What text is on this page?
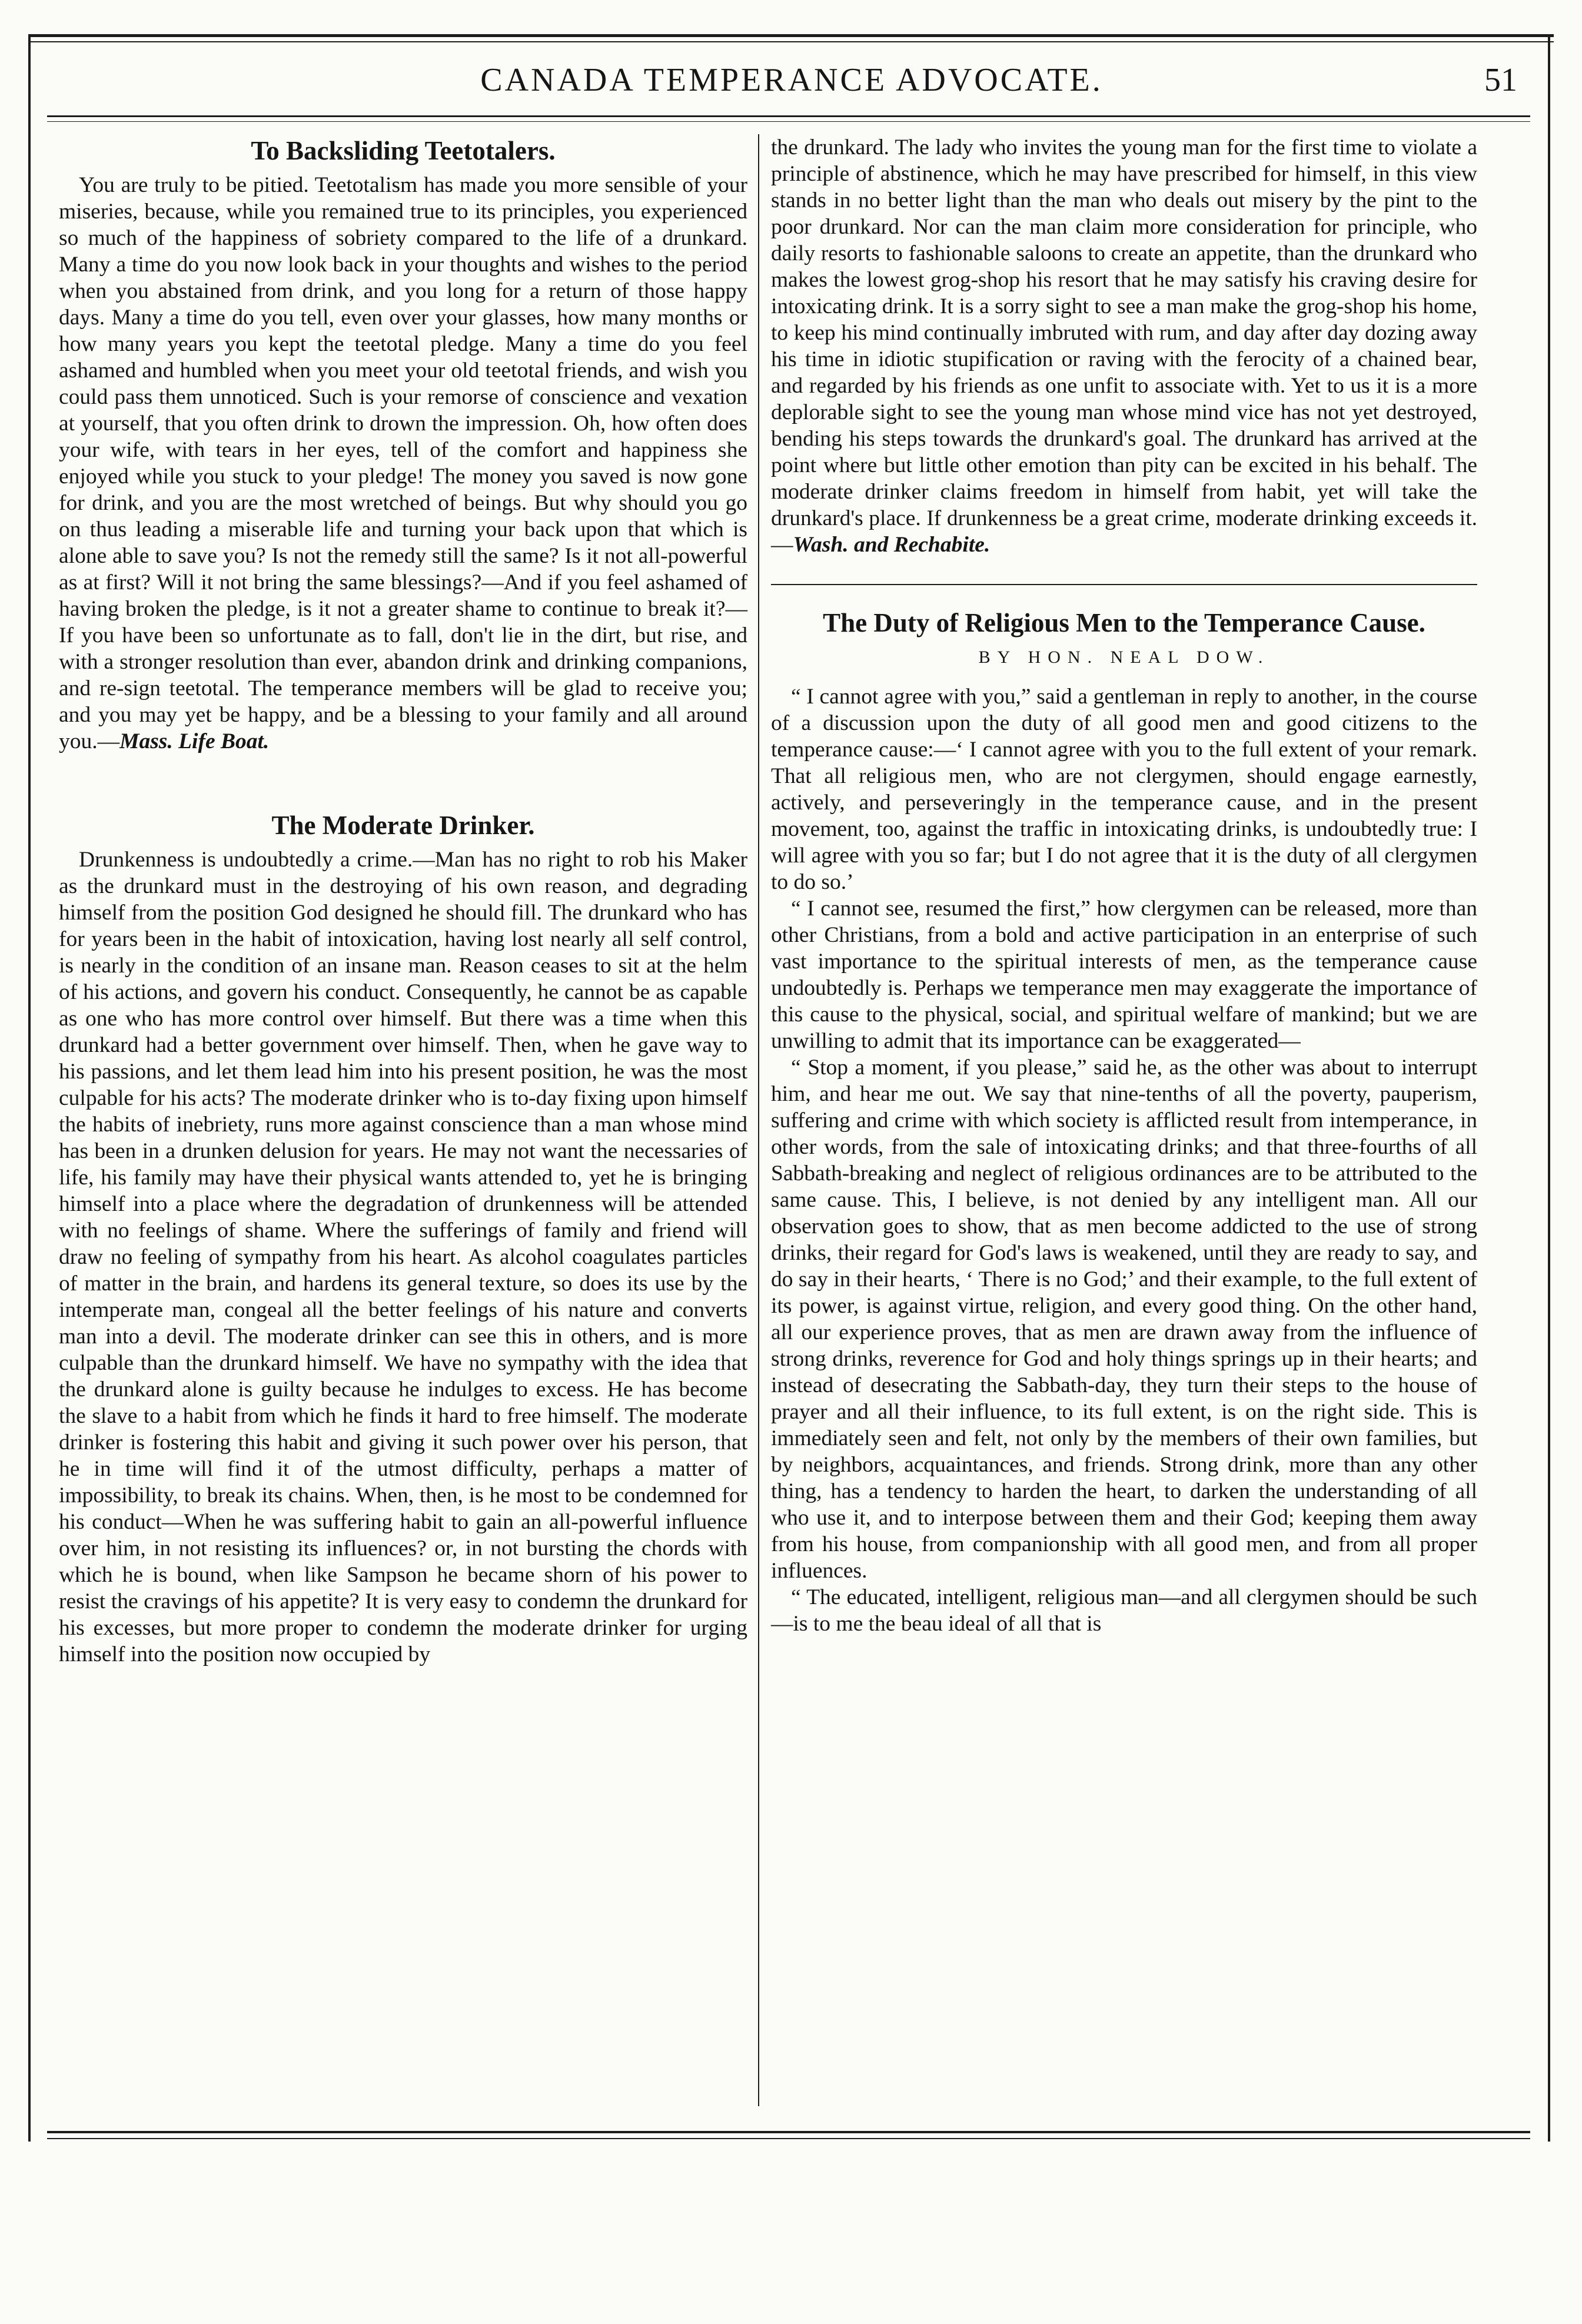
CANADA TEMPERANCE ADVOCATE.	51
To Backsliding Teetotalers.

You are truly to be pitied. Teetotalism has made you more sensible of your miseries, because, while you remained true to its principles, you experienced so much of the happiness of sobriety compared to the life of a drunkard. Many a time do you now look back in your thoughts and wishes to the period when you abstained from drink, and you long for a return of those happy days. Many a time do you tell, even over your glasses, how many months or how many years you kept the teetotal pledge. Many a time do you feel ashamed and humbled when you meet your old teetotal friends, and wish you could pass them unnoticed. Such is your remorse of conscience and vexation at yourself, that you often drink to drown the impression. Oh, how often does your wife, with tears in her eyes, tell of the comfort and happiness she enjoyed while you stuck to your pledge! The money you saved is now gone for drink, and you are the most wretched of beings. But why should you go on thus leading a miserable life and turning your back upon that which is alone able to save you? Is not the remedy still the same? Is it not all-powerful as at first? Will it not bring the same blessings?—And if you feel ashamed of having broken the pledge, is it not a greater shame to continue to break it?—If you have been so unfortunate as to fall, don't lie in the dirt, but rise, and with a stronger resolution than ever, abandon drink and drinking companions, and re-sign teetotal. The temperance members will be glad to receive you; and you may yet be happy, and be a blessing to your family and all around you.—Mass. Life Boat.

The Moderate Drinker.

Drunkenness is undoubtedly a crime.—Man has no right to rob his Maker as the drunkard must in the destroying of his own reason, and degrading himself from the position God designed he should fill. The drunkard who has for years been in the habit of intoxication, having lost nearly all self control, is nearly in the condition of an insane man. Reason ceases to sit at the helm of his actions, and govern his conduct. Consequently, he cannot be as capable as one who has more control over himself. But there was a time when this drunkard had a better government over himself. Then, when he gave way to his passions, and let them lead him into his present position, he was the most culpable for his acts? The moderate drinker who is to-day fixing upon himself the habits of inebriety, runs more against conscience than a man whose mind has been in a drunken delusion for years. He may not want the necessaries of life, his family may have their physical wants attended to, yet he is bringing himself into a place where the degradation of drunkenness will be attended with no feelings of shame. Where the sufferings of family and friend will draw no feeling of sympathy from his heart. As alcohol coagulates particles of matter in the brain, and hardens its general texture, so does its use by the intemperate man, congeal all the better feelings of his nature and converts man into a devil. The moderate drinker can see this in others, and is more culpable than the drunkard himself. We have no sympathy with the idea that the drunkard alone is guilty because he indulges to excess. He has become the slave to a habit from which he finds it hard to free himself. The moderate drinker is fostering this habit and giving it such power over his person, that he in time will find it of the utmost difficulty, perhaps a matter of impossibility, to break its chains. When, then, is he most to be condemned for his conduct—When he was suffering habit to gain an all-powerful influence over him, in not resisting its influences? or, in not bursting the chords with which he is bound, when like Sampson he became shorn of his power to resist the cravings of his appetite? It is very easy to condemn the drunkard for his excesses, but more proper to condemn the moderate drinker for urging himself into the position now occupied by

the drunkard. The lady who invites the young man for the first time to violate a principle of abstinence, which he may have prescribed for himself, in this view stands in no better light than the man who deals out misery by the pint to the poor drunkard. Nor can the man claim more consideration for principle, who daily resorts to fashionable saloons to create an appetite, than the drunkard who makes the lowest grog-shop his resort that he may satisfy his craving desire for intoxicating drink. It is a sorry sight to see a man make the grog-shop his home, to keep his mind continually imbruted with rum, and day after day dozing away his time in idiotic stupification or raving with the ferocity of a chained bear, and regarded by his friends as one unfit to associate with. Yet to us it is a more deplorable sight to see the young man whose mind vice has not yet destroyed, bending his steps towards the drunkard's goal. The drunkard has arrived at the point where but little other emotion than pity can be excited in his behalf. The moderate drinker claims freedom in himself from habit, yet will take the drunkard's place. If drunkenness be a great crime, moderate drinking exceeds it.—Wash. and Rechabite.

The Duty of Religious Men to the Temperance Cause.
BY HON. NEAL DOW.

“ I cannot agree with you,” said a gentleman in reply to another, in the course of a discussion upon the duty of all good men and good citizens to the temperance cause:—‘ I cannot agree with you to the full extent of your remark. That all religious men, who are not clergymen, should engage earnestly, actively, and perseveringly in the temperance cause, and in the present movement, too, against the traffic in intoxicating drinks, is undoubtedly true: I will agree with you so far; but I do not agree that it is the duty of all clergymen to do so.’

“ I cannot see, resumed the first,” how clergymen can be released, more than other Christians, from a bold and active participation in an enterprise of such vast importance to the spiritual interests of men, as the temperance cause undoubtedly is. Perhaps we temperance men may exaggerate the importance of this cause to the physical, social, and spiritual welfare of mankind; but we are unwilling to admit that its importance can be exaggerated—

“ Stop a moment, if you please,” said he, as the other was about to interrupt him, and hear me out. We say that nine-tenths of all the poverty, pauperism, suffering and crime with which society is afflicted result from intemperance, in other words, from the sale of intoxicating drinks; and that three-fourths of all Sabbath-breaking and neglect of religious ordinances are to be attributed to the same cause. This, I believe, is not denied by any intelligent man. All our observation goes to show, that as men become addicted to the use of strong drinks, their regard for God's laws is weakened, until they are ready to say, and do say in their hearts, ‘ There is no God;’ and their example, to the full extent of its power, is against virtue, religion, and every good thing. On the other hand, all our experience proves, that as men are drawn away from the influence of strong drinks, reverence for God and holy things springs up in their hearts; and instead of desecrating the Sabbath-day, they turn their steps to the house of prayer and all their influence, to its full extent, is on the right side. This is immediately seen and felt, not only by the members of their own families, but by neighbors, acquaintances, and friends. Strong drink, more than any other thing, has a tendency to harden the heart, to darken the understanding of all who use it, and to interpose between them and their God; keeping them away from his house, from companionship with all good men, and from all proper influences.

“ The educated, intelligent, religious man—and all clergymen should be such—is to me the beau ideal of all that is
